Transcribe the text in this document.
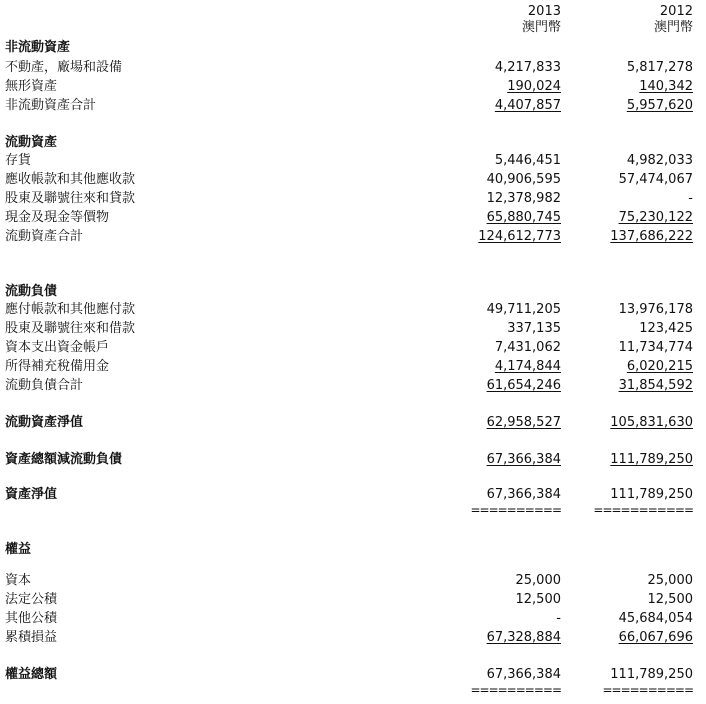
2013
澳門幣
2012
澳門幣
非流動資產
不動產，廠場和設備	4,217,833	5,817,278
無形資產	190,024	140,342
非流動資產合計	4,407,857	5,957,620
流動資產
存貨	5,446,451	4,982,033
應收帳款和其他應收款	40,906,595	57,474,067
股東及聯號往來和貸款	12,378,982	-
現金及現金等價物	65,880,745	75,230,122
流動資產合計	124,612,773	137,686,222
流動負債
應付帳款和其他應付款	49,711,205	13,976,178
股東及聯號往來和借款	337,135	123,425
資本支出資金帳戶	7,431,062	11,734,774
所得補充稅備用金	4,174,844	6,020,215
流動負債合計	61,654,246	31,854,592
流動資產淨值	62,958,527	105,831,630
資產總額減流動負債	67,366,384	111,789,250
資產淨值	67,366,384	111,789,250
==========	===========
權益
資本	25,000	25,000
法定公積	12,500	12,500
其他公積	-	45,684,054
累積損益	67,328,884	66,067,696
權益總額	67,366,384	111,789,250
==========	==========
